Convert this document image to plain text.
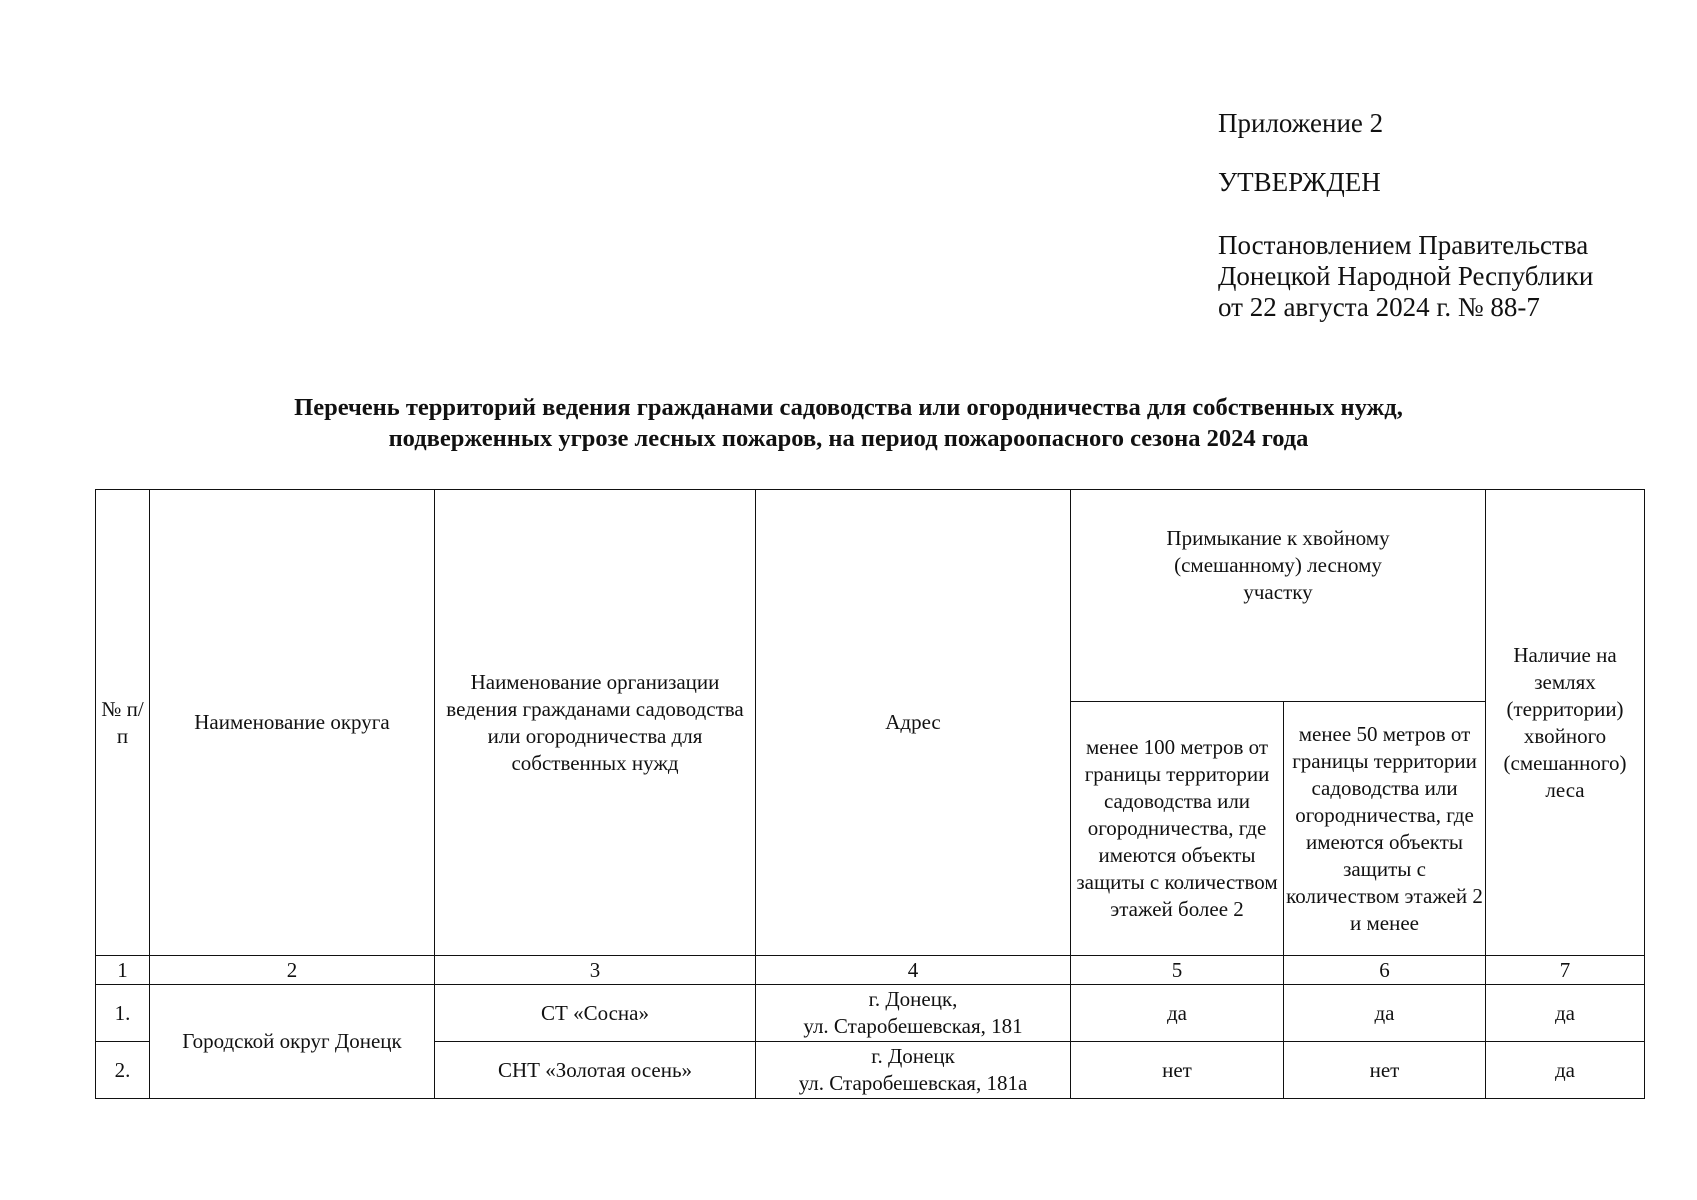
Приложение 2
УТВЕРЖДЕН
Постановлением Правительства
Донецкой Народной Республики
от 22 августа 2024 г. № 88-7
Перечень территорий ведения гражданами садоводства или огородничества для собственных нужд,
подверженных угрозе лесных пожаров, на период пожароопасного сезона 2024 года
№ п/п	Наименование округа	Наименование организации ведения гражданами садоводства или огородничества для собственных нужд	Адрес	Примыкание к хвойному (смешанному) лесному участку		Наличие на землях (территории) хвойного (смешанного) леса
				менее 100 метров от границы территории садоводства или огородничества, где имеются объекты защиты с количеством этажей более 2	менее 50 метров от границы территории садоводства или огородничества, где имеются объекты защиты с количеством этажей 2 и менее	
1	2	3	4	5	6	7
1.	Городской округ Донецк	СТ «Сосна»	г. Донецк,
ул. Старобешевская, 181	да	да	да
2.		СНТ «Золотая осень»	г. Донецк
ул. Старобешевская, 181а	нет	нет	да
